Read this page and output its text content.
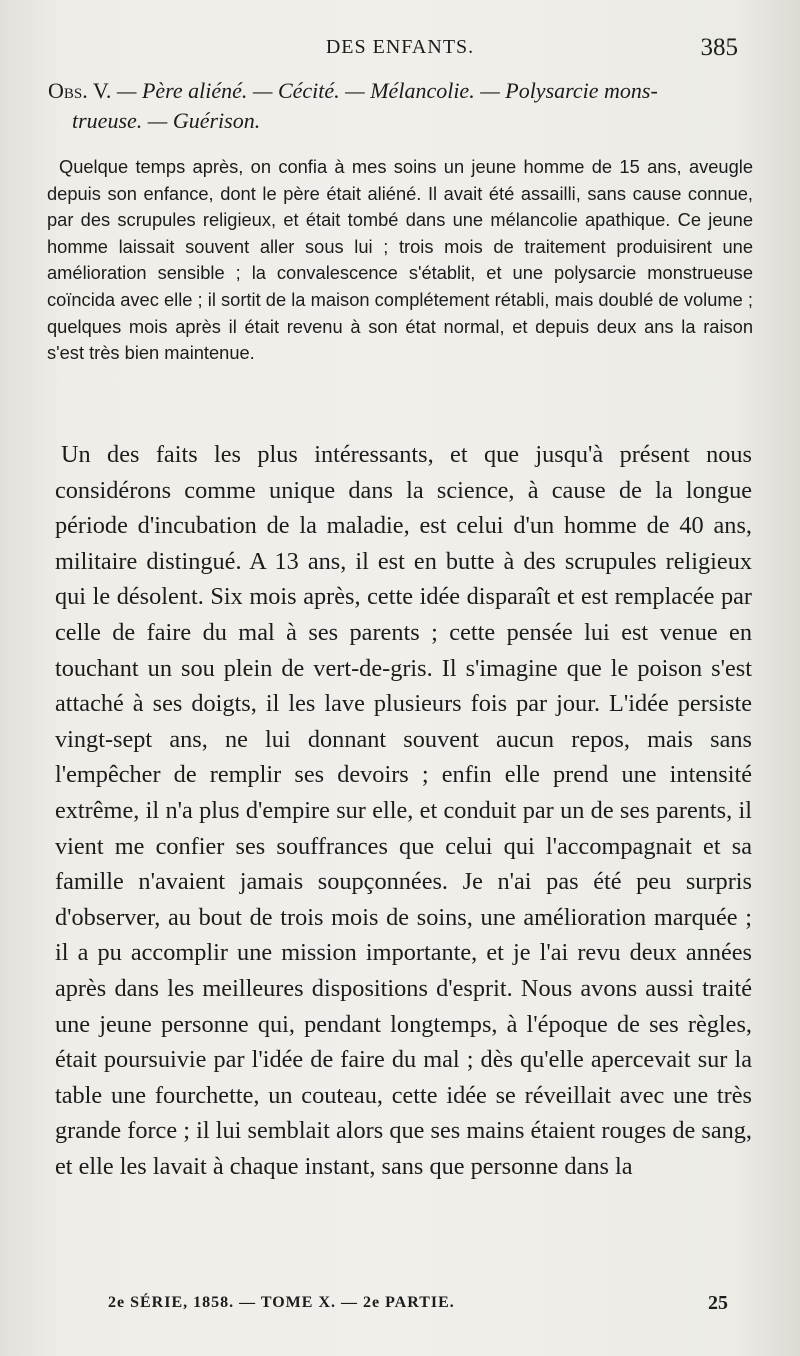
DES ENFANTS.	385
Obs. V. — Père aliéné. — Cécité. — Mélancolie. — Polysarcie mons-
trueuse. — Guérison.

Quelque temps après, on confia à mes soins un jeune homme de 15 ans, aveugle depuis son enfance, dont le père était aliéné. Il avait été assailli, sans cause connue, par des scrupules religieux, et était tombé dans une mélancolie apathique. Ce jeune homme laissait souvent aller sous lui ; trois mois de traitement produisirent une amélioration sensible ; la convalescence s'établit, et une polysarcie monstrueuse coïncida avec elle ; il sortit de la maison complétement rétabli, mais doublé de volume ; quelques mois après il était revenu à son état normal, et depuis deux ans la raison s'est très bien maintenue.

Un des faits les plus intéressants, et que jusqu'à présent nous considérons comme unique dans la science, à cause de la longue période d'incubation de la maladie, est celui d'un homme de 40 ans, militaire distingué. A 13 ans, il est en butte à des scrupules religieux qui le désolent. Six mois après, cette idée disparaît et est remplacée par celle de faire du mal à ses parents ; cette pensée lui est venue en touchant un sou plein de vert-de-gris. Il s'imagine que le poison s'est attaché à ses doigts, il les lave plusieurs fois par jour. L'idée persiste vingt-sept ans, ne lui donnant souvent aucun repos, mais sans l'empêcher de remplir ses devoirs ; enfin elle prend une intensité extrême, il n'a plus d'empire sur elle, et conduit par un de ses parents, il vient me confier ses souffrances que celui qui l'accompagnait et sa famille n'avaient jamais soupçonnées. Je n'ai pas été peu surpris d'observer, au bout de trois mois de soins, une amélioration marquée ; il a pu accomplir une mission importante, et je l'ai revu deux années après dans les meilleures dispositions d'esprit. Nous avons aussi traité une jeune personne qui, pendant longtemps, à l'époque de ses règles, était poursuivie par l'idée de faire du mal ; dès qu'elle apercevait sur la table une fourchette, un couteau, cette idée se réveillait avec une très grande force ; il lui semblait alors que ses mains étaient rouges de sang, et elle les lavait à chaque instant, sans que personne dans la

2e SÉRIE, 1858. — TOME X. — 2e PARTIE.	25
